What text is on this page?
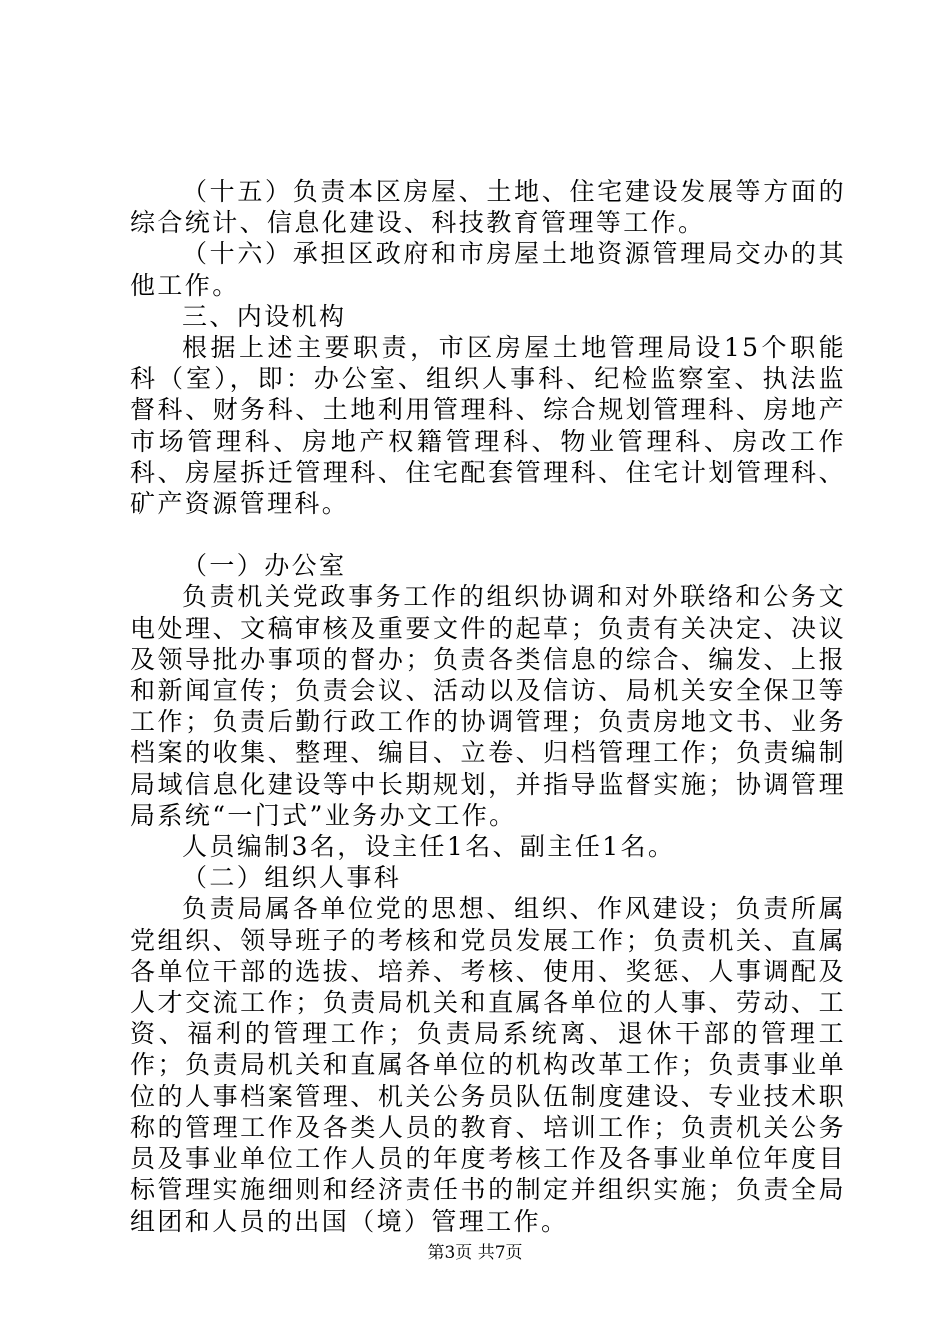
（十五）负责本区房屋、土地、住宅建设发展等方面的综合统计、信息化建设、科技教育管理等工作。

（十六）承担区政府和市房屋土地资源管理局交办的其他工作。

三、内设机构

根据上述主要职责，市区房屋土地管理局设15个职能科（室），即：办公室、组织人事科、纪检监察室、执法监督科、财务科、土地利用管理科、综合规划管理科、房地产市场管理科、房地产权籍管理科、物业管理科、房改工作科、房屋拆迁管理科、住宅配套管理科、住宅计划管理科、矿产资源管理科。

（一）办公室

负责机关党政事务工作的组织协调和对外联络和公务文电处理、文稿审核及重要文件的起草；负责有关决定、决议及领导批办事项的督办；负责各类信息的综合、编发、上报和新闻宣传；负责会议、活动以及信访、局机关安全保卫等工作；负责后勤行政工作的协调管理；负责房地文书、业务档案的收集、整理、编目、立卷、归档管理工作；负责编制局域信息化建设等中长期规划，并指导监督实施；协调管理局系统“一门式”业务办文工作。

人员编制3名，设主任1名、副主任1名。

（二）组织人事科

负责局属各单位党的思想、组织、作风建设；负责所属党组织、领导班子的考核和党员发展工作；负责机关、直属各单位干部的选拔、培养、考核、使用、奖惩、人事调配及人才交流工作；负责局机关和直属各单位的人事、劳动、工资、福利的管理工作；负责局系统离、退休干部的管理工作；负责局机关和直属各单位的机构改革工作；负责事业单位的人事档案管理、机关公务员队伍制度建设、专业技术职称的管理工作及各类人员的教育、培训工作；负责机关公务员及事业单位工作人员的年度考核工作及各事业单位年度目标管理实施细则和经济责任书的制定并组织实施；负责全局组团和人员的出国（境）管理工作。

第3页 共7页
